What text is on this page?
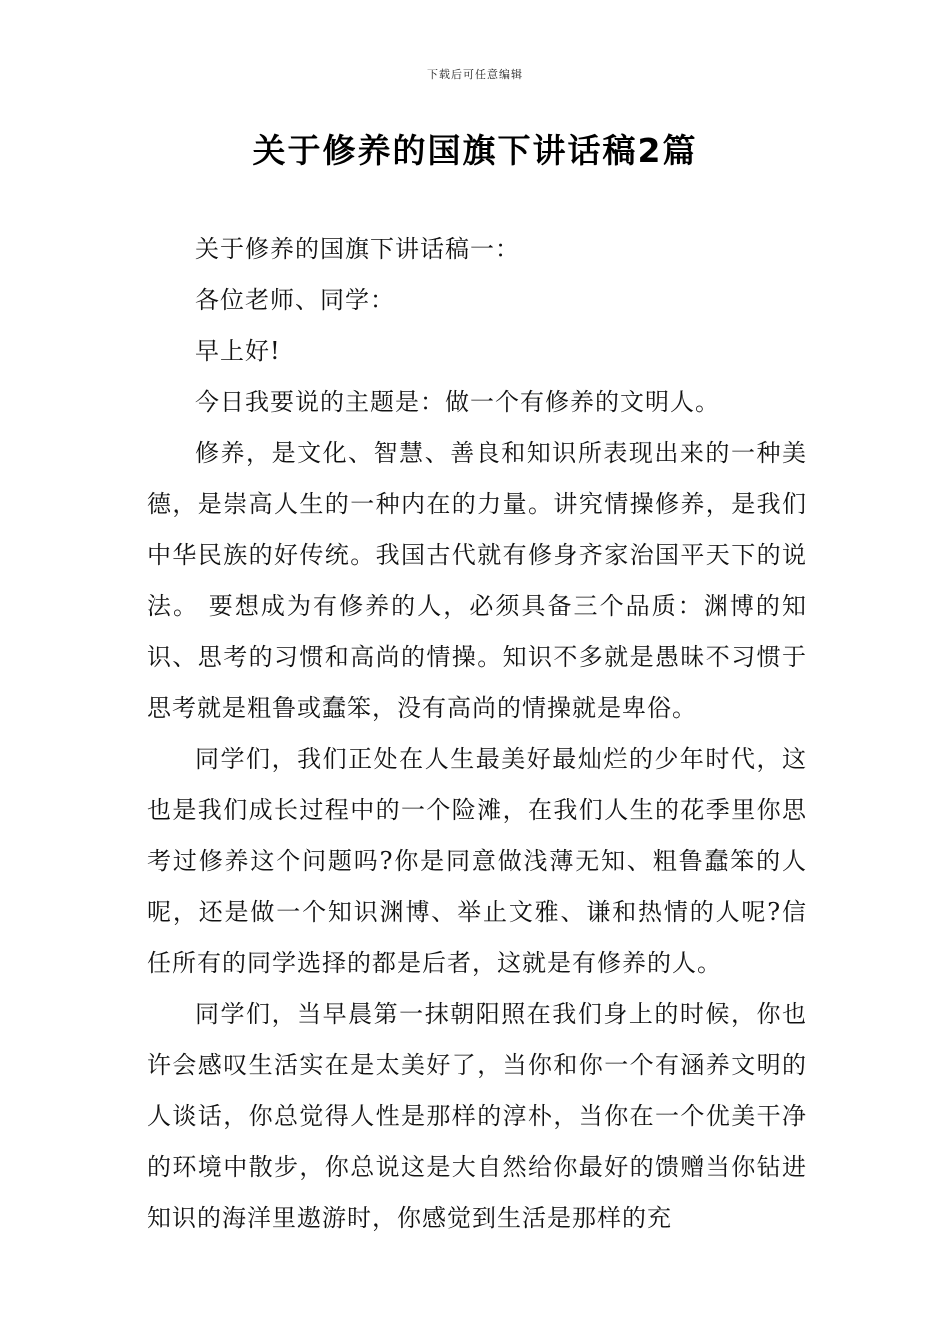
下载后可任意编辑
关于修养的国旗下讲话稿2篇

关于修养的国旗下讲话稿一：

各位老师、同学：

早上好!

今日我要说的主题是：做一个有修养的文明人。

修养，是文化、智慧、善良和知识所表现出来的一种美德，是崇高人生的一种内在的力量。讲究情操修养，是我们中华民族的好传统。我国古代就有修身齐家治国平天下的说法。 要想成为有修养的人，必须具备三个品质：渊博的知识、思考的习惯和高尚的情操。知识不多就是愚昧不习惯于思考就是粗鲁或蠢笨，没有高尚的情操就是卑俗。

同学们，我们正处在人生最美好最灿烂的少年时代，这也是我们成长过程中的一个险滩，在我们人生的花季里你思考过修养这个问题吗?你是同意做浅薄无知、粗鲁蠢笨的人呢，还是做一个知识渊博、举止文雅、谦和热情的人呢?信任所有的同学选择的都是后者，这就是有修养的人。

同学们，当早晨第一抹朝阳照在我们身上的时候，你也许会感叹生活实在是太美好了，当你和你一个有涵养文明的人谈话，你总觉得人性是那样的淳朴，当你在一个优美干净的环境中散步，你总说这是大自然给你最好的馈赠当你钻进知识的海洋里遨游时，你感觉到生活是那样的充
